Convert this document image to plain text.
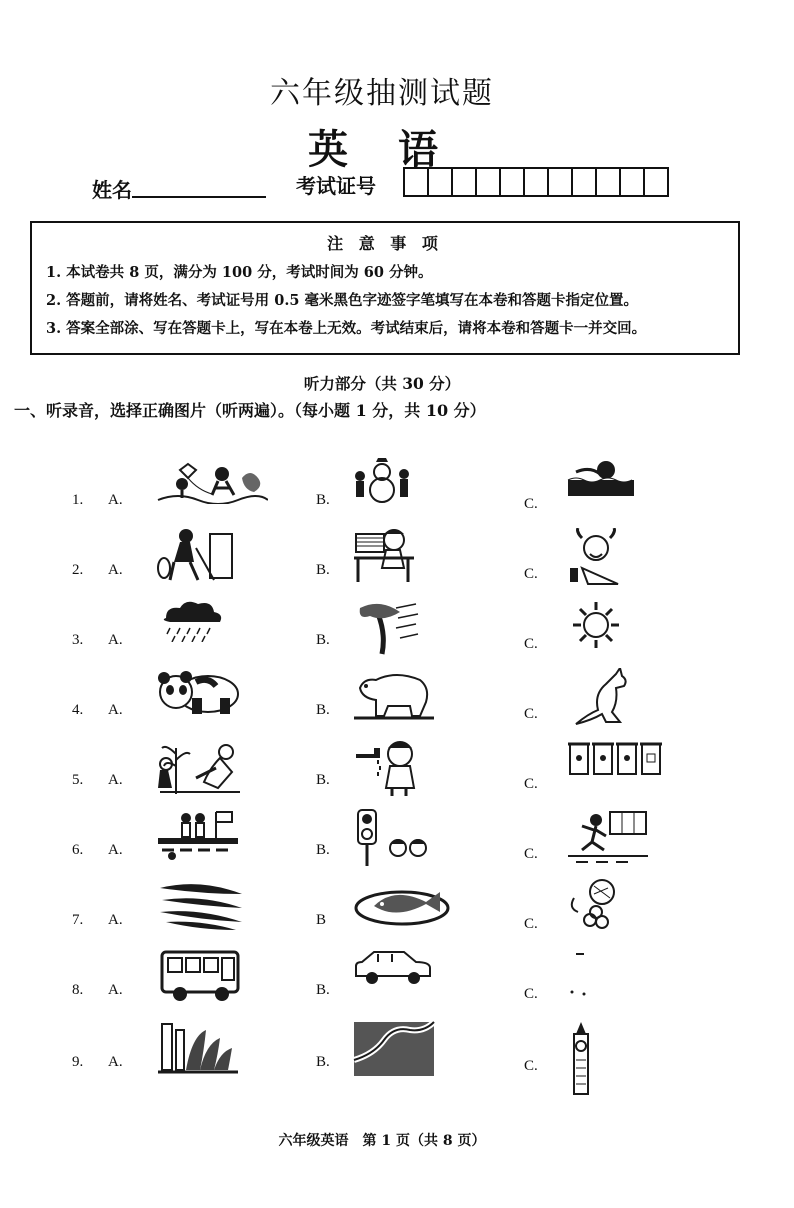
六年级抽测试题
英 语
姓名	考试证号
注 意 事 项
1. 本试卷共 8 页，满分为 100 分，考试时间为 60 分钟。
2. 答题前，请将姓名、考试证号用 0.5 毫米黑色字迹签字笔填写在本卷和答题卡指定位置。
3. 答案全部涂、写在答题卡上，写在本卷上无效。考试结束后，请将本卷和答题卡一并交回。
听力部分（共 30 分）
一、听录音，选择正确图片（听两遍）。（每小题 1 分，共 10 分）
1. A.	B.	C.
2. A.	B.	C.
3. A.	B.	C.
4. A.	B.	C.
5. A.	B.	C.
6. A.	B.	C.
7. A.	B	C.
8. A.	B.	C.
9. A.	B.	C.
六年级英语　第 1 页（共 8 页）
